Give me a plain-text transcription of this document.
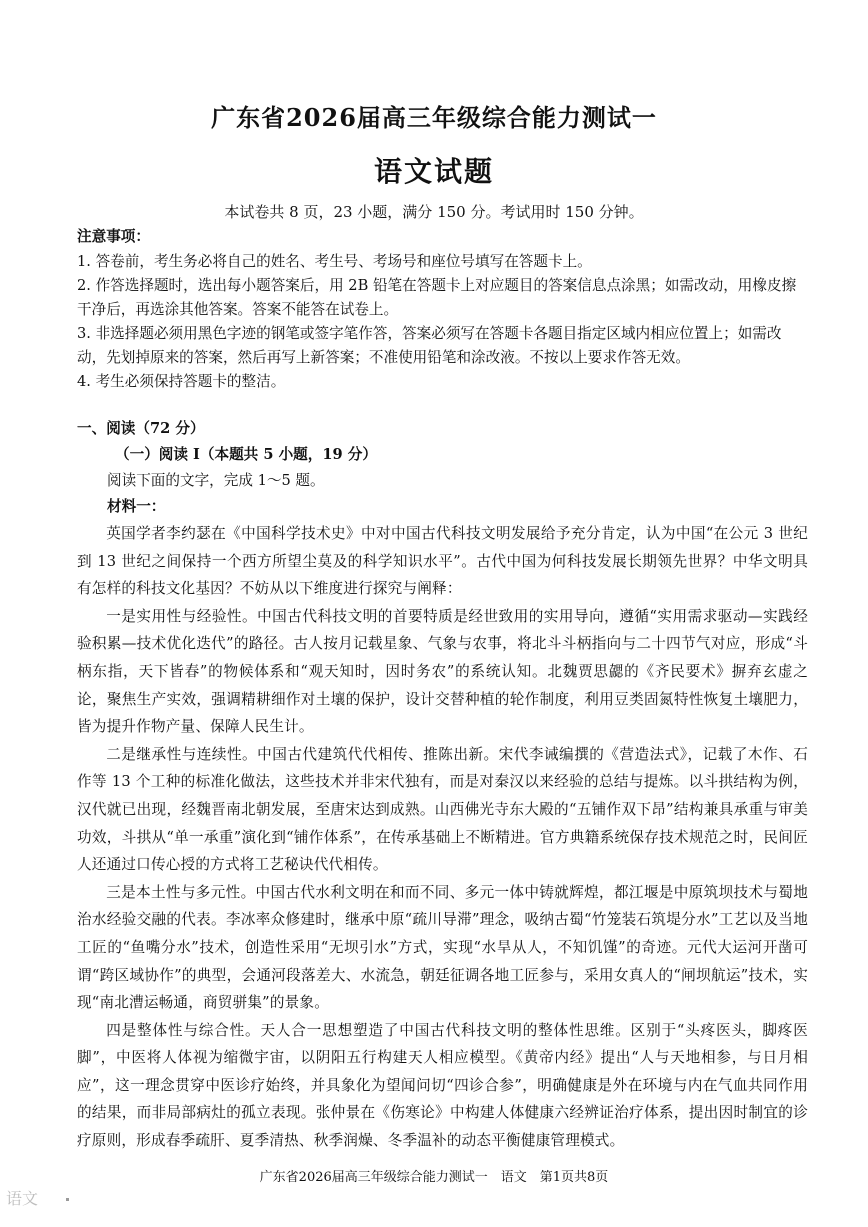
广东省2026届高三年级综合能力测试一
语文试题
本试卷共 8 页，23 小题，满分 150 分。考试用时 150 分钟。
注意事项：

1. 答卷前，考生务必将自己的姓名、考生号、考场号和座位号填写在答题卡上。

2. 作答选择题时，选出每小题答案后，用 2B 铅笔在答题卡上对应题目的答案信息点涂黑；如需改动，用橡皮擦干净后，再选涂其他答案。答案不能答在试卷上。

3. 非选择题必须用黑色字迹的钢笔或签字笔作答，答案必须写在答题卡各题目指定区域内相应位置上；如需改动，先划掉原来的答案，然后再写上新答案；不准使用铅笔和涂改液。不按以上要求作答无效。

4. 考生必须保持答题卡的整洁。

一、阅读（72 分）
（一）阅读 I（本题共 5 小题，19 分）
阅读下面的文字，完成 1～5 题。
材料一：

英国学者李约瑟在《中国科学技术史》中对中国古代科技文明发展给予充分肯定，认为中国“在公元 3 世纪到 13 世纪之间保持一个西方所望尘莫及的科学知识水平”。古代中国为何科技发展长期领先世界？中华文明具有怎样的科技文化基因？不妨从以下维度进行探究与阐释：

一是实用性与经验性。中国古代科技文明的首要特质是经世致用的实用导向，遵循“实用需求驱动—实践经验积累—技术优化迭代”的路径。古人按月记载星象、气象与农事，将北斗斗柄指向与二十四节气对应，形成“斗柄东指，天下皆春”的物候体系和“观天知时，因时务农”的系统认知。北魏贾思勰的《齐民要术》摒弃玄虚之论，聚焦生产实效，强调精耕细作对土壤的保护，设计交替种植的轮作制度，利用豆类固氮特性恢复土壤肥力，皆为提升作物产量、保障人民生计。

二是继承性与连续性。中国古代建筑代代相传、推陈出新。宋代李诫编撰的《营造法式》，记载了木作、石作等 13 个工种的标准化做法，这些技术并非宋代独有，而是对秦汉以来经验的总结与提炼。以斗拱结构为例，汉代就已出现，经魏晋南北朝发展，至唐宋达到成熟。山西佛光寺东大殿的“五铺作双下昂”结构兼具承重与审美功效，斗拱从“单一承重”演化到“铺作体系”，在传承基础上不断精进。官方典籍系统保存技术规范之时，民间匠人还通过口传心授的方式将工艺秘诀代代相传。

三是本土性与多元性。中国古代水利文明在和而不同、多元一体中铸就辉煌，都江堰是中原筑坝技术与蜀地治水经验交融的代表。李冰率众修建时，继承中原“疏川导滞”理念，吸纳古蜀“竹笼装石筑堤分水”工艺以及当地工匠的“鱼嘴分水”技术，创造性采用“无坝引水”方式，实现“水旱从人，不知饥馑”的奇迹。元代大运河开凿可谓“跨区域协作”的典型，会通河段落差大、水流急，朝廷征调各地工匠参与，采用女真人的“闸坝航运”技术，实现“南北漕运畅通，商贸骈集”的景象。

四是整体性与综合性。天人合一思想塑造了中国古代科技文明的整体性思维。区别于“头疼医头，脚疼医脚”，中医将人体视为缩微宇宙，以阴阳五行构建天人相应模型。《黄帝内经》提出“人与天地相参，与日月相应”，这一理念贯穿中医诊疗始终，并具象化为望闻问切“四诊合参”，明确健康是外在环境与内在气血共同作用的结果，而非局部病灶的孤立表现。张仲景在《伤寒论》中构建人体健康六经辨证治疗体系，提出因时制宜的诊疗原则，形成春季疏肝、夏季清热、秋季润燥、冬季温补的动态平衡健康管理模式。

广东省2026届高三年级综合能力测试一　语文　第1页共8页
语文
